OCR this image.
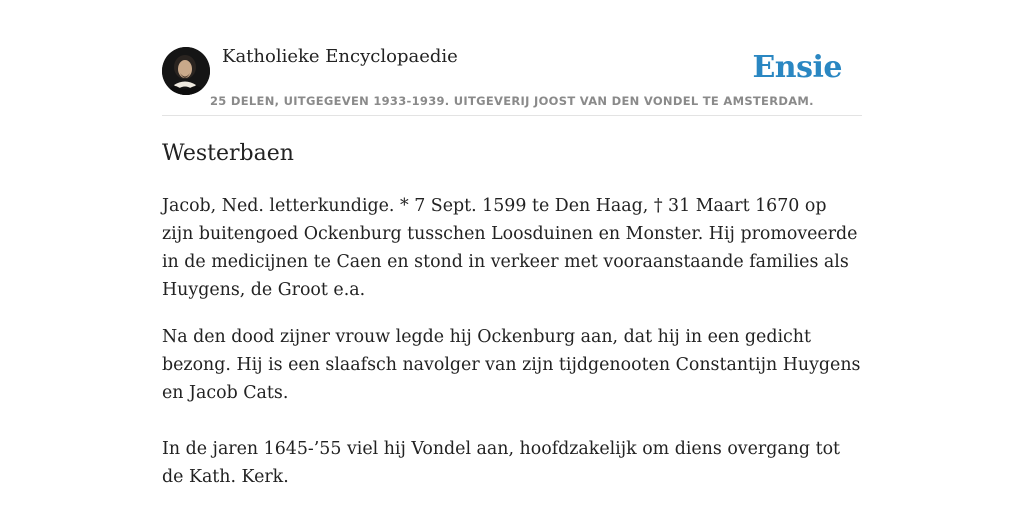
Katholieke Encyclopaedie	Ensie
25 DELEN, UITGEGEVEN 1933-1939. UITGEVERIJ JOOST VAN DEN VONDEL TE AMSTERDAM.
Westerbaen

Jacob, Ned. letterkundige. * 7 Sept. 1599 te Den Haag, † 31 Maart 1670 op zijn buitengoed Ockenburg tusschen Loosduinen en Monster. Hij promoveerde in de medicijnen te Caen en stond in verkeer met vooraanstaande families als Huygens, de Groot e.a.

Na den dood zijner vrouw legde hij Ockenburg aan, dat hij in een gedicht bezong. Hij is een slaafsch navolger van zijn tijdgenooten Constantijn Huygens en Jacob Cats.

In de jaren 1645-’55 viel hij Vondel aan, hoofdzakelijk om diens overgang tot de Kath. Kerk.
